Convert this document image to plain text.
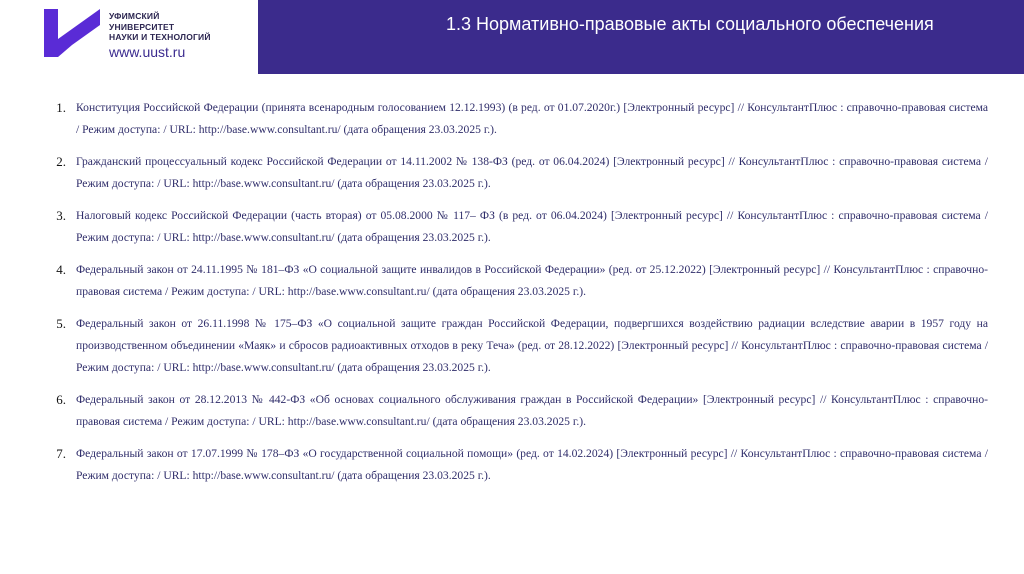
УФИМСКИЙ
УНИВЕРСИТЕТ
НАУКИ И ТЕХНОЛОГИЙ
www.uust.ru
1.3 Нормативно-правовые акты социального обеспечения
1. Конституция Российской Федерации (принята всенародным голосованием 12.12.1993) (в ред. от 01.07.2020г.) [Электронный ресурс] // КонсультантПлюс : справочно-правовая система / Режим доступа: / URL: http://base.www.consultant.ru/ (дата обращения 23.03.2025 г.).

2. Гражданский процессуальный кодекс Российской Федерации от 14.11.2002 № 138-ФЗ (ред. от 06.04.2024) [Электронный ресурс] // КонсультантПлюс : справочно-правовая система / Режим доступа: / URL: http://base.www.consultant.ru/ (дата обращения 23.03.2025 г.).

3. Налоговый кодекс Российской Федерации (часть вторая) от 05.08.2000 № 117– ФЗ (в ред. от 06.04.2024) [Электронный ресурс] // КонсультантПлюс : справочно-правовая система / Режим доступа: / URL: http://base.www.consultant.ru/ (дата обращения 23.03.2025 г.).

4. Федеральный закон от 24.11.1995 № 181–ФЗ «О социальной защите инвалидов в Российской Федерации» (ред. от 25.12.2022) [Электронный ресурс] // КонсультантПлюс : справочно-правовая система / Режим доступа: / URL: http://base.www.consultant.ru/ (дата обращения 23.03.2025 г.).

5. Федеральный закон от 26.11.1998 № 175–ФЗ «О социальной защите граждан Российской Федерации, подвергшихся воздействию радиации вследствие аварии в 1957 году на производственном объединении «Маяк» и сбросов радиоактивных отходов в реку Теча» (ред. от 28.12.2022) [Электронный ресурс] // КонсультантПлюс : справочно-правовая система / Режим доступа: / URL: http://base.www.consultant.ru/ (дата обращения 23.03.2025 г.).

6. Федеральный закон от 28.12.2013 № 442-ФЗ «Об основах социального обслуживания граждан в Российской Федерации» [Электронный ресурс] // КонсультантПлюс : справочно-правовая система / Режим доступа: / URL: http://base.www.consultant.ru/ (дата обращения 23.03.2025 г.).

7. Федеральный закон от 17.07.1999 № 178–ФЗ «О государственной социальной помощи» (ред. от 14.02.2024) [Электронный ресурс] // КонсультантПлюс : справочно-правовая система / Режим доступа: / URL: http://base.www.consultant.ru/ (дата обращения 23.03.2025 г.).
